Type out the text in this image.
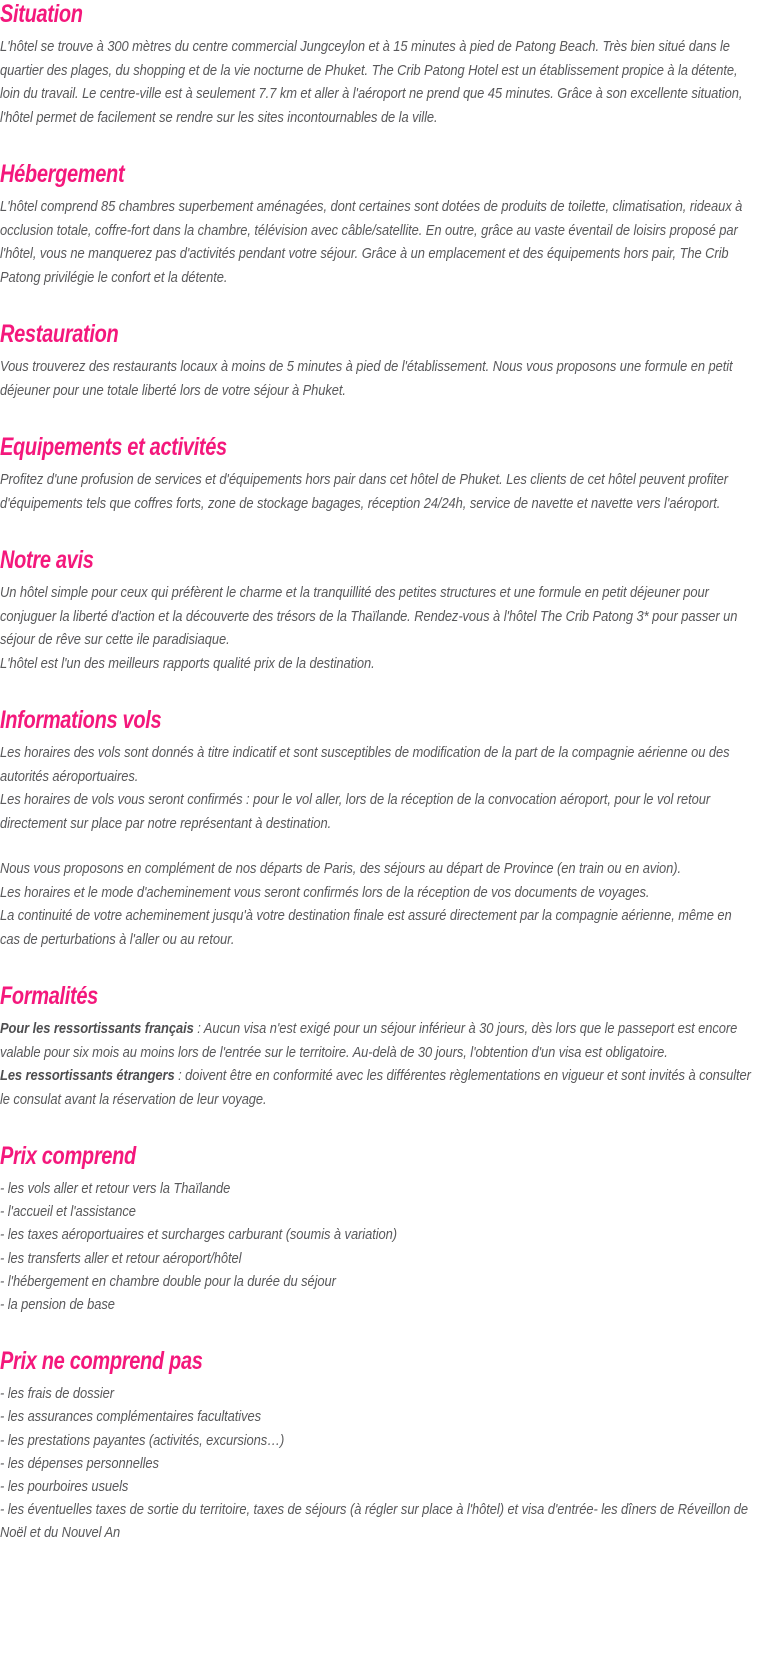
Situation

L'hôtel se trouve à 300 mètres du centre commercial Jungceylon et à 15 minutes à pied de Patong Beach. Très bien situé dans le quartier des plages, du shopping et de la vie nocturne de Phuket. The Crib Patong Hotel est un établissement propice à la détente, loin du travail. Le centre-ville est à seulement 7.7 km et aller à l'aéroport ne prend que 45 minutes. Grâce à son excellente situation, l'hôtel permet de facilement se rendre sur les sites incontournables de la ville.

Hébergement

L'hôtel comprend 85 chambres superbement aménagées, dont certaines sont dotées de produits de toilette, climatisation, rideaux à occlusion totale, coffre-fort dans la chambre, télévision avec câble/satellite. En outre, grâce au vaste éventail de loisirs proposé par l'hôtel, vous ne manquerez pas d'activités pendant votre séjour. Grâce à un emplacement et des équipements hors pair, The Crib Patong privilégie le confort et la détente.

Restauration

Vous trouverez des restaurants locaux à moins de 5 minutes à pied de l'établissement. Nous vous proposons une formule en petit déjeuner pour une totale liberté lors de votre séjour à Phuket.

Equipements et activités

Profitez d'une profusion de services et d'équipements hors pair dans cet hôtel de Phuket. Les clients de cet hôtel peuvent profiter d'équipements tels que coffres forts, zone de stockage bagages, réception 24/24h, service de navette et navette vers l'aéroport.

Notre avis

Un hôtel simple pour ceux qui préfèrent le charme et la tranquillité des petites structures et une formule en petit déjeuner pour conjuguer la liberté d'action et la découverte des trésors de la Thaïlande. Rendez-vous à l'hôtel The Crib Patong 3* pour passer un séjour de rêve sur cette ile paradisiaque.

L'hôtel est l'un des meilleurs rapports qualité prix de la destination.

Informations vols

Les horaires des vols sont donnés à titre indicatif et sont susceptibles de modification de la part de la compagnie aérienne ou des autorités aéroportuaires.

Les horaires de vols vous seront confirmés : pour le vol aller, lors de la réception de la convocation aéroport, pour le vol retour directement sur place par notre représentant à destination.

Nous vous proposons en complément de nos départs de Paris, des séjours au départ de Province (en train ou en avion).

Les horaires et le mode d'acheminement vous seront confirmés lors de la réception de vos documents de voyages.

La continuité de votre acheminement jusqu'à votre destination finale est assuré directement par la compagnie aérienne, même en cas de perturbations à l'aller ou au retour.

Formalités

Pour les ressortissants français : Aucun visa n'est exigé pour un séjour inférieur à 30 jours, dès lors que le passeport est encore valable pour six mois au moins lors de l'entrée sur le territoire. Au-delà de 30 jours, l'obtention d'un visa est obligatoire.

Les ressortissants étrangers : doivent être en conformité avec les différentes règlementations en vigueur et sont invités à consulter le consulat avant la réservation de leur voyage.

Prix comprend
- les vols aller et retour vers la Thaïlande
- l'accueil et l'assistance
- les taxes aéroportuaires et surcharges carburant (soumis à variation)
- les transferts aller et retour aéroport/hôtel
- l'hébergement en chambre double pour la durée du séjour
- la pension de base
Prix ne comprend pas
- les frais de dossier
- les assurances complémentaires facultatives
- les prestations payantes (activités, excursions…)
- les dépenses personnelles
- les pourboires usuels
- les éventuelles taxes de sortie du territoire, taxes de séjours (à régler sur place à l'hôtel) et visa d'entrée- les dîners de Réveillon de Noël et du Nouvel An
